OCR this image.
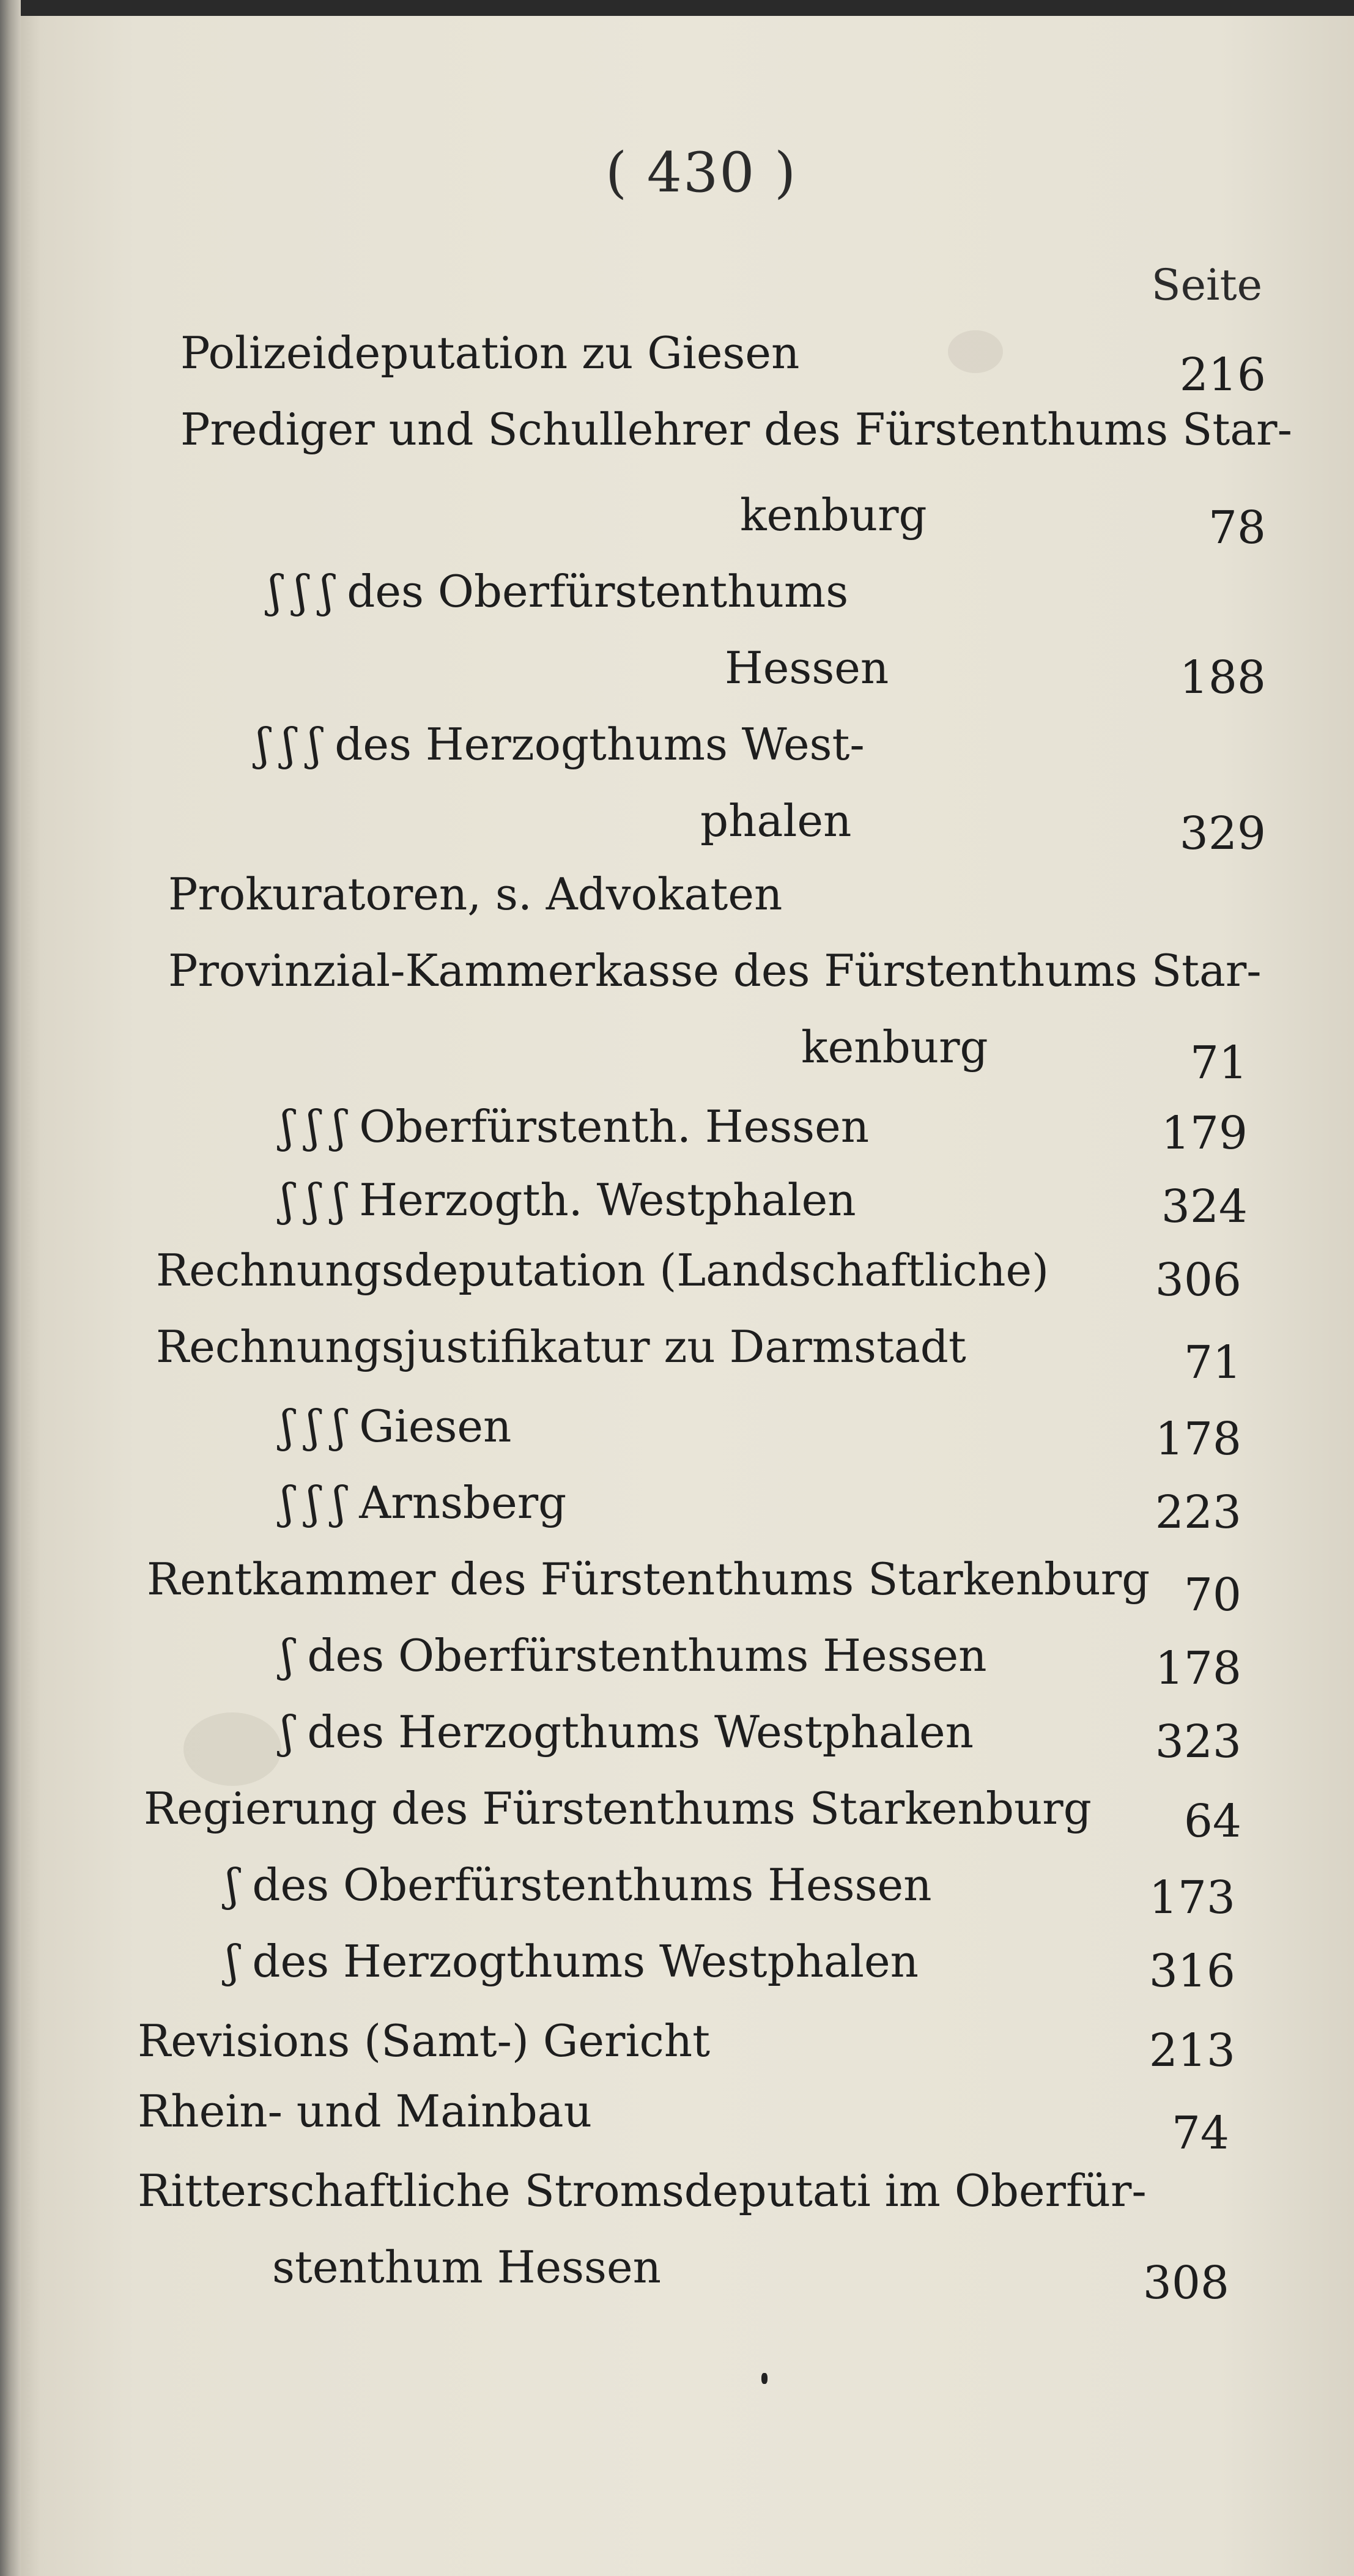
( 430 )
Seite
Polizeideputation zu Giesen	216
Prediger und Schullehrer des Fürstenthums Star-
kenburg	78
ʃ ʃ ʃ des Oberfürstenthums
Hessen	188
ʃ ʃ ʃ des Herzogthums West-
phalen	329
Prokuratoren, s. Advokaten
Provinzial-Kammerkasse des Fürstenthums Star-
kenburg	71
ʃ ʃ ʃ Oberfürstenth. Hessen	179
ʃ ʃ ʃ Herzogth. Westphalen	324
Rechnungsdeputation (Landschaftliche)	306
Rechnungsjustifikatur zu Darmstadt	71
ʃ ʃ ʃ Giesen	178
ʃ ʃ ʃ Arnsberg	223
Rentkammer des Fürstenthums Starkenburg 70
ʃ des Oberfürstenthums Hessen	178
ʃ des Herzogthums Westphalen	323
Regierung des Fürstenthums Starkenburg	64
ʃ des Oberfürstenthums Hessen	173
ʃ des Herzogthums Westphalen	316
Revisions (Samt-) Gericht	213
Rhein- und Mainbau	74
Ritterschaftliche Stromsdeputati im Oberfür-
stenthum Hessen	308
